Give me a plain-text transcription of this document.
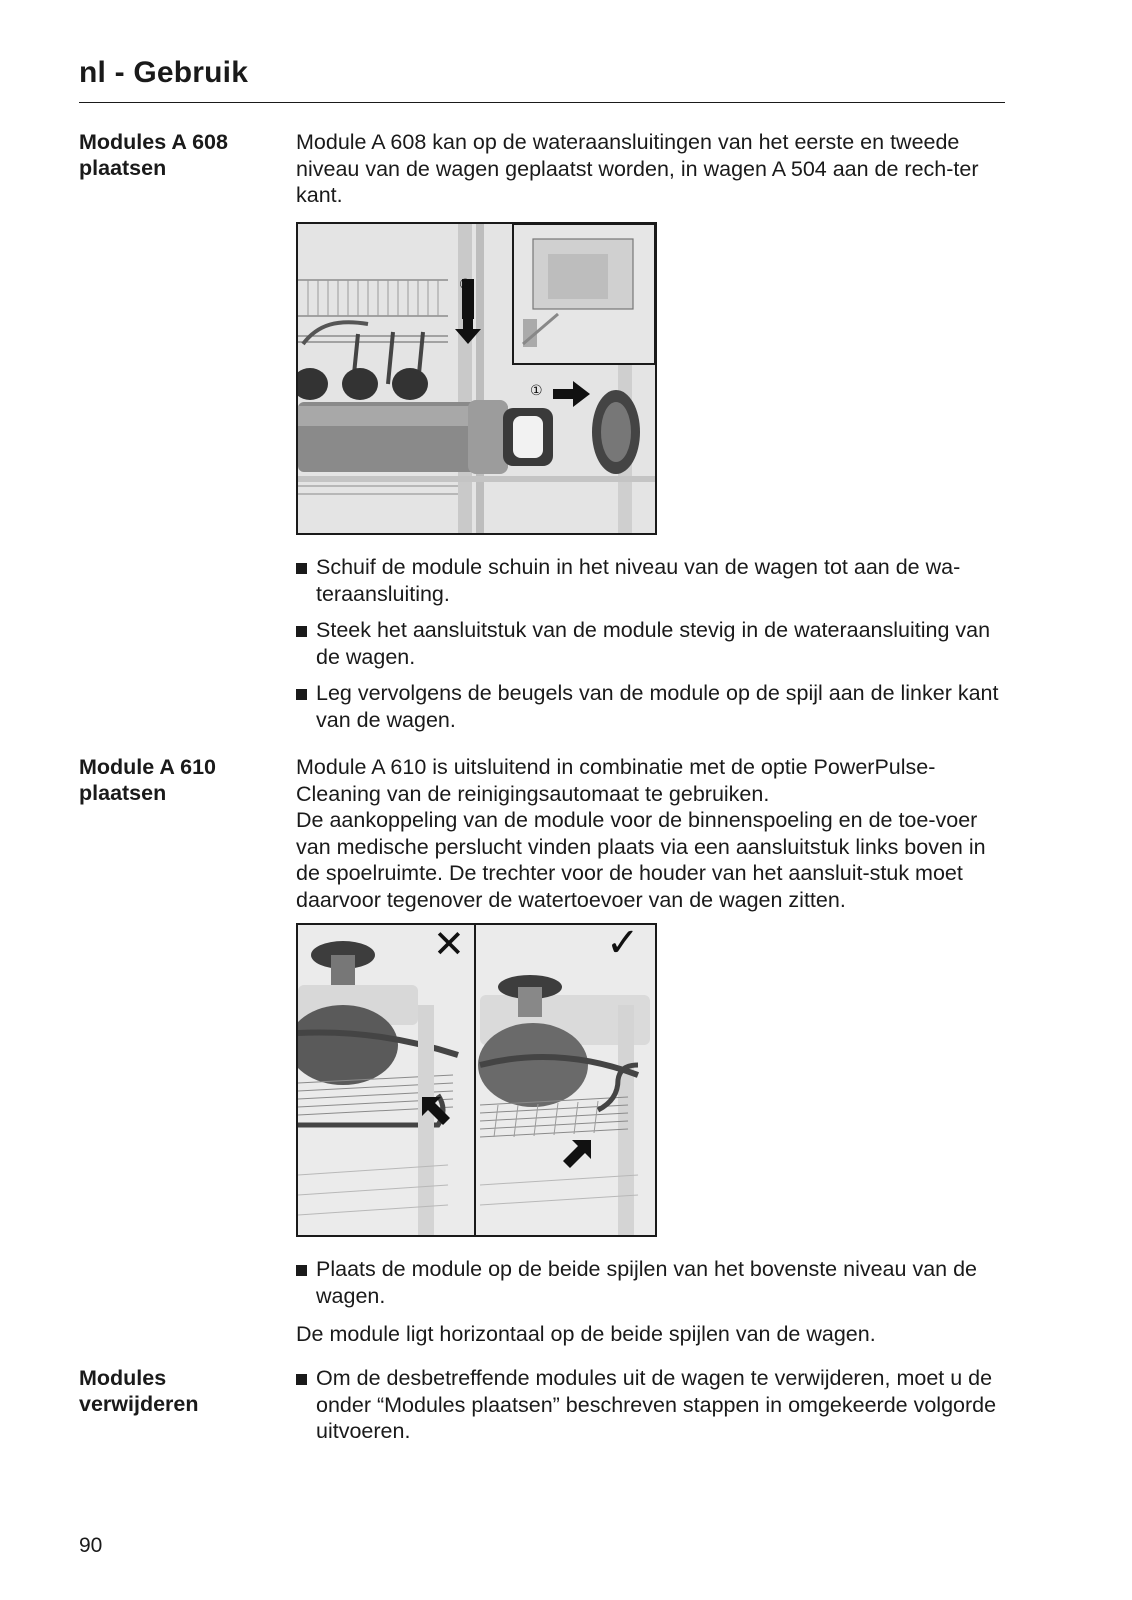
nl - Gebruik
Modules A 608
plaatsen

Module A 608 kan op de wateraansluitingen van het eerste en tweede niveau van de wagen geplaatst worden, in wagen A 504 aan de rech-ter kant.

②
①
Schuif de module schuin in het niveau van de wagen tot aan de wa-teraansluiting.
Steek het aansluitstuk van de module stevig in de wateraansluiting van de wagen.
Leg vervolgens de beugels van de module op de spijl aan de linker kant van de wagen.
Module A 610
plaatsen

Module A 610 is uitsluitend in combinatie met de optie PowerPulse-Cleaning van de reinigingsautomaat te gebruiken.

De aankoppeling van de module voor de binnenspoeling en de toe-voer van medische perslucht vinden plaats via een aansluitstuk links boven in de spoelruimte. De trechter voor de houder van het aansluit-stuk moet daarvoor tegenover de watertoevoer van de wagen zitten.

✕	✓
Plaats de module op de beide spijlen van het bovenste niveau van de wagen.

De module ligt horizontaal op de beide spijlen van de wagen.

Modules
verwijderen
Om de desbetreffende modules uit de wagen te verwijderen, moet u de onder “Modules plaatsen” beschreven stappen in omgekeerde volgorde uitvoeren.
90
